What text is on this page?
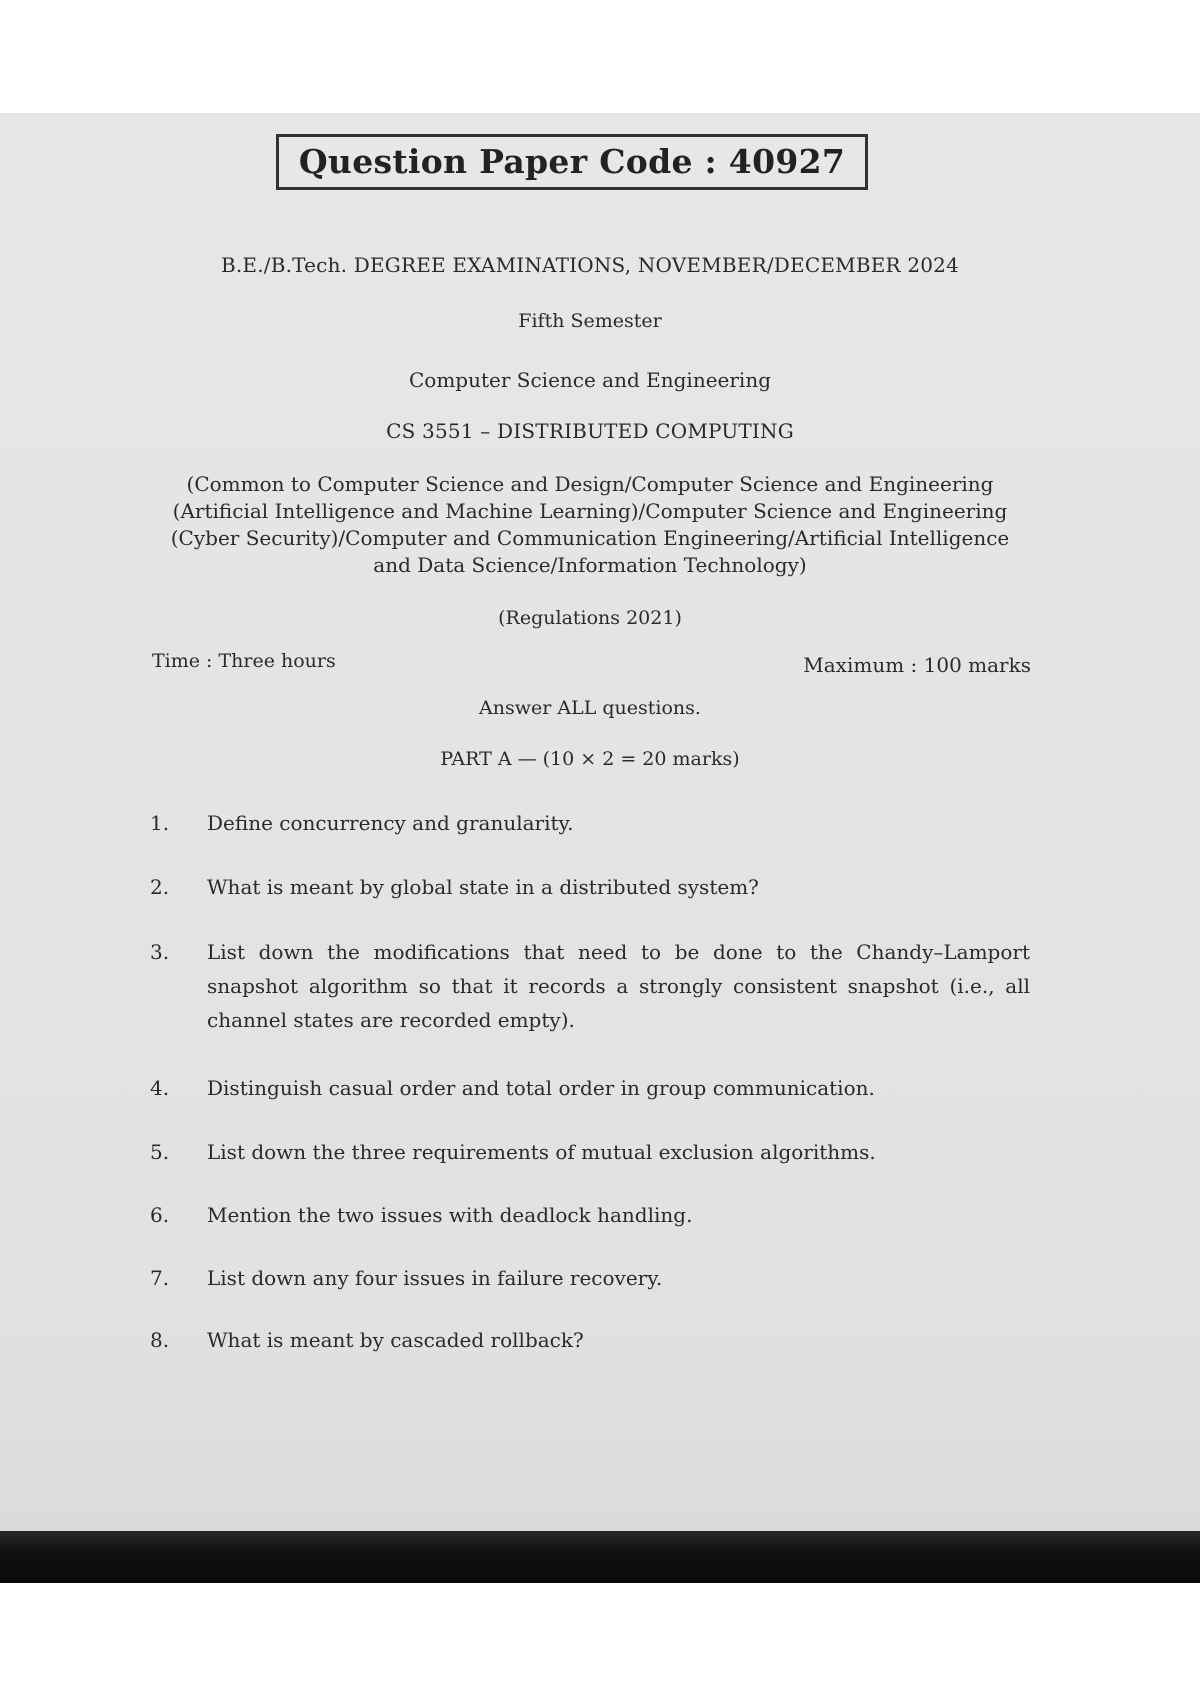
Question Paper Code : 40927
B.E./B.Tech. DEGREE EXAMINATIONS, NOVEMBER/DECEMBER 2024
Fifth Semester
Computer Science and Engineering
CS 3551 – DISTRIBUTED COMPUTING
(Common to Computer Science and Design/Computer Science and Engineering (Artificial Intelligence and Machine Learning)/Computer Science and Engineering (Cyber Security)/Computer and Communication Engineering/Artificial Intelligence and Data Science/Information Technology)
(Regulations 2021)
Time : Three hours	Maximum : 100 marks
Answer ALL questions.
PART A — (10 × 2 = 20 marks)
1.	Define concurrency and granularity.
2.	What is meant by global state in a distributed system?
3.	List down the modifications that need to be done to the Chandy–Lamport snapshot algorithm so that it records a strongly consistent snapshot (i.e., all channel states are recorded empty).
4.	Distinguish casual order and total order in group communication.
5.	List down the three requirements of mutual exclusion algorithms.
6.	Mention the two issues with deadlock handling.
7.	List down any four issues in failure recovery.
8.	What is meant by cascaded rollback?
